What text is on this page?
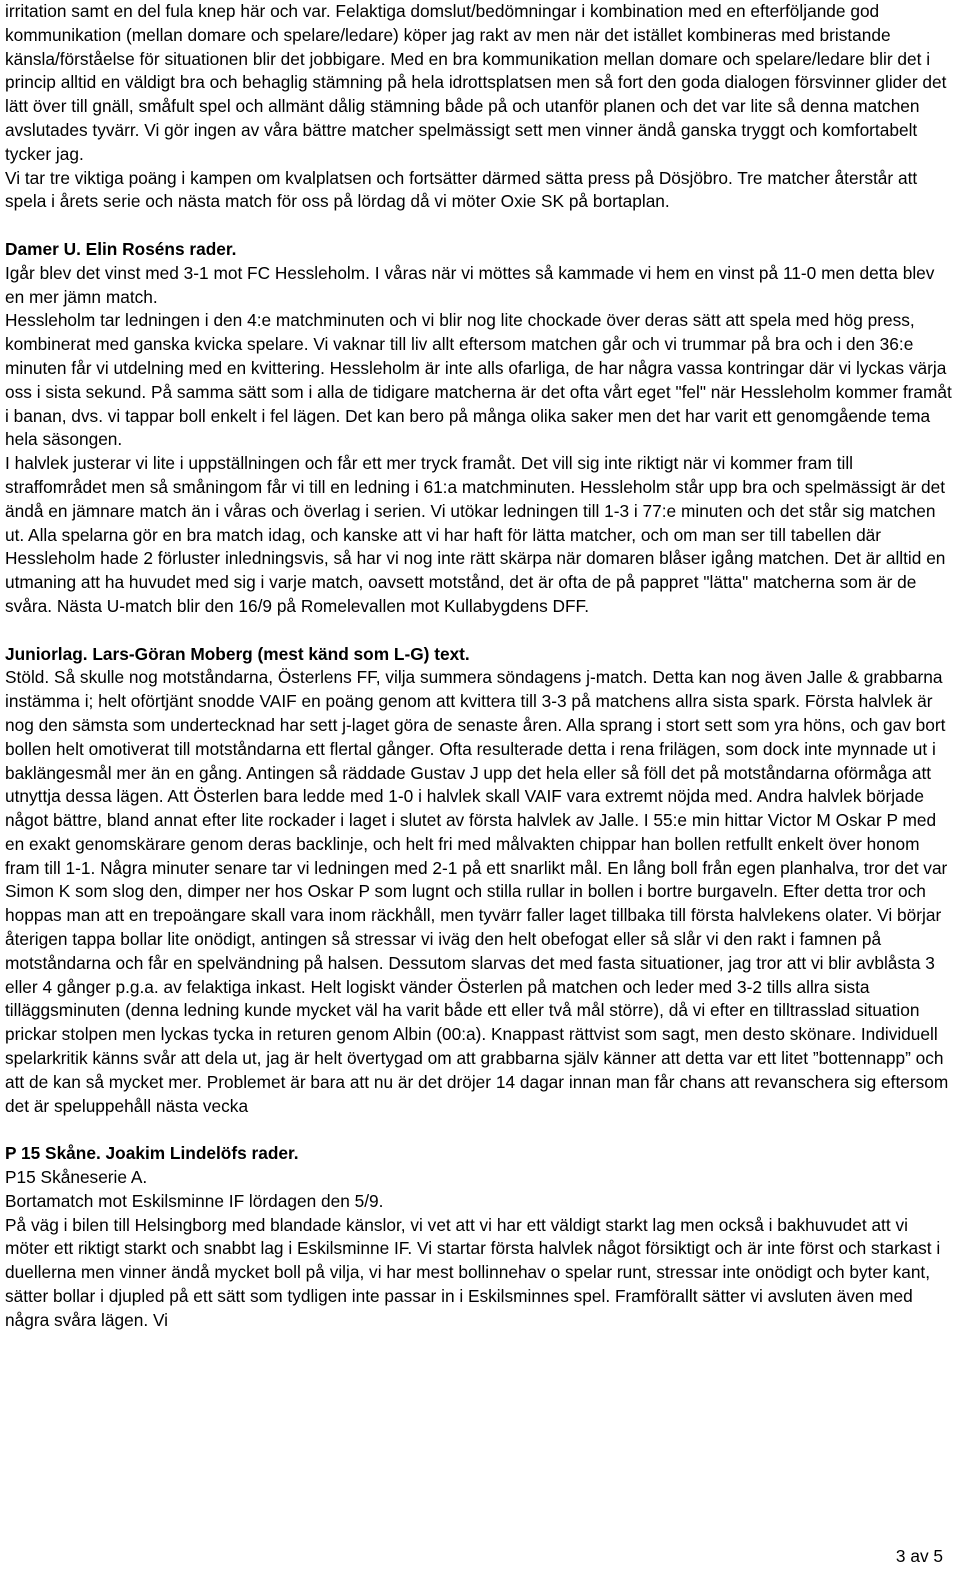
irritation samt en del fula knep här och var. Felaktiga domslut/bedömningar i kombination med en efterföljande god kommunikation (mellan domare och spelare/ledare) köper jag rakt av men när det istället kombineras med bristande känsla/förståelse för situationen blir det jobbigare. Med en bra kommunikation mellan domare och spelare/ledare blir det i princip alltid en väldigt bra och behaglig stämning på hela idrottsplatsen men så fort den goda dialogen försvinner glider det lätt över till gnäll, småfult spel och allmänt dålig stämning både på och utanför planen och det var lite så denna matchen avslutades tyvärr. Vi gör ingen av våra bättre matcher spelmässigt sett men vinner ändå ganska tryggt och komfortabelt tycker jag.

Vi tar tre viktiga poäng i kampen om kvalplatsen och fortsätter därmed sätta press på Dösjöbro. Tre matcher återstår att spela i årets serie och nästa match för oss på lördag då vi möter Oxie SK på bortaplan.

Damer U. Elin Roséns rader.

Igår blev det vinst med 3-1 mot FC Hessleholm. I våras när vi möttes så kammade vi hem en vinst på 11-0 men detta blev en mer jämn match.

Hessleholm tar ledningen i den 4:e matchminuten och vi blir nog lite chockade över deras sätt att spela med hög press, kombinerat med ganska kvicka spelare. Vi vaknar till liv allt eftersom matchen går och vi trummar på bra och i den 36:e minuten får vi utdelning med en kvittering. Hessleholm är inte alls ofarliga, de har några vassa kontringar där vi lyckas värja oss i sista sekund. På samma sätt som i alla de tidigare matcherna är det ofta vårt eget "fel" när Hessleholm kommer framåt i banan, dvs. vi tappar boll enkelt i fel lägen. Det kan bero på många olika saker men det har varit ett genomgående tema hela säsongen.

I halvlek justerar vi lite i uppställningen och får ett mer tryck framåt. Det vill sig inte riktigt när vi kommer fram till straffområdet men så småningom får vi till en ledning i 61:a matchminuten. Hessleholm står upp bra och spelmässigt är det ändå en jämnare match än i våras och överlag i serien. Vi utökar ledningen till 1-3 i 77:e minuten och det står sig matchen ut. Alla spelarna gör en bra match idag, och kanske att vi har haft för lätta matcher, och om man ser till tabellen där Hessleholm hade 2 förluster inledningsvis, så har vi nog inte rätt skärpa när domaren blåser igång matchen. Det är alltid en utmaning att ha huvudet med sig i varje match, oavsett motstånd, det är ofta de på pappret "lätta" matcherna som är de svåra. Nästa U-match blir den 16/9 på Romelevallen mot Kullabygdens DFF.

Juniorlag. Lars-Göran Moberg (mest känd som L-G) text.

Stöld. Så skulle nog motståndarna, Österlens FF, vilja summera söndagens j-match. Detta kan nog även Jalle & grabbarna instämma i; helt oförtjänt snodde VAIF en poäng genom att kvittera till 3-3 på matchens allra sista spark. Första halvlek är nog den sämsta som undertecknad har sett j-laget göra de senaste åren. Alla sprang i stort sett som yra höns, och gav bort bollen helt omotiverat till motståndarna ett flertal gånger. Ofta resulterade detta i rena frilägen, som dock inte mynnade ut i baklängesmål mer än en gång. Antingen så räddade Gustav J upp det hela eller så föll det på motståndarna oförmåga att utnyttja dessa lägen. Att Österlen bara ledde med 1-0 i halvlek skall VAIF vara extremt nöjda med. Andra halvlek började något bättre, bland annat efter lite rockader i laget i slutet av första halvlek av Jalle. I 55:e min hittar Victor M Oskar P med en exakt genomskärare genom deras backlinje, och helt fri med målvakten chippar han bollen retfullt enkelt över honom fram till 1-1. Några minuter senare tar vi ledningen med 2-1 på ett snarlikt mål. En lång boll från egen planhalva, tror det var Simon K som slog den, dimper ner hos Oskar P som lugnt och stilla rullar in bollen i bortre burgaveln. Efter detta tror och hoppas man att en trepoängare skall vara inom räckhåll, men tyvärr faller laget tillbaka till första halvlekens olater. Vi börjar återigen tappa bollar lite onödigt, antingen så stressar vi iväg den helt obefogat eller så slår vi den rakt i famnen på motståndarna och får en spelvändning på halsen. Dessutom slarvas det med fasta situationer, jag tror att vi blir avblåsta 3 eller 4 gånger p.g.a. av felaktiga inkast. Helt logiskt vänder Österlen på matchen och leder med 3-2 tills allra sista tilläggsminuten (denna ledning kunde mycket väl ha varit både ett eller två mål större), då vi efter en tilltrasslad situation prickar stolpen men lyckas tycka in returen genom Albin (00:a). Knappast rättvist som sagt, men desto skönare. Individuell spelarkritik känns svår att dela ut, jag är helt övertygad om att grabbarna själv känner att detta var ett litet ”bottennapp” och att de kan så mycket mer. Problemet är bara att nu är det dröjer 14 dagar innan man får chans att revanschera sig eftersom det är speluppehåll nästa vecka

P 15 Skåne. Joakim Lindelöfs rader.

P15 Skåneserie A.

Bortamatch mot Eskilsminne IF lördagen den 5/9.

På väg i bilen till Helsingborg med blandade känslor, vi vet att vi har ett väldigt starkt lag men också i bakhuvudet att vi möter ett riktigt starkt och snabbt lag i Eskilsminne IF. Vi startar första halvlek något försiktigt och är inte först och starkast i duellerna men vinner ändå mycket boll på vilja, vi har mest bollinnehav o spelar runt, stressar inte onödigt och byter kant, sätter bollar i djupled på ett sätt som tydligen inte passar in i Eskilsminnes spel. Framförallt sätter vi avsluten även med några svåra lägen. Vi

3 av 5
